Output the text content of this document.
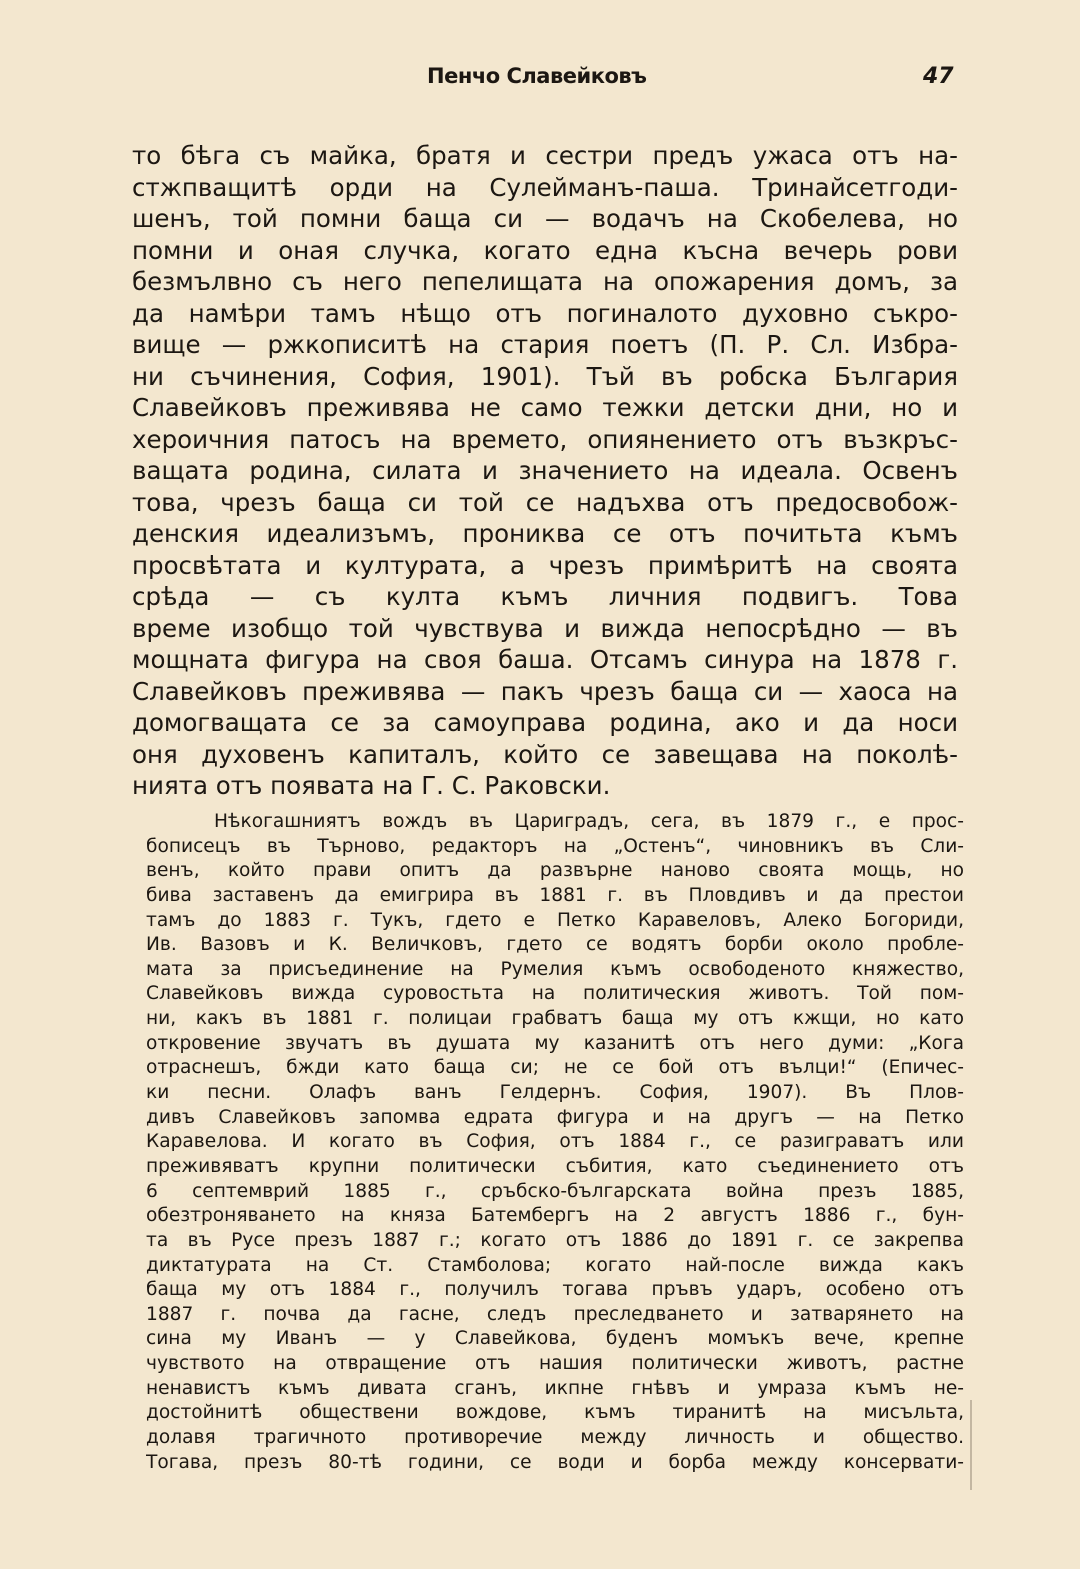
Пенчо Славейковъ	47
то бѣга съ майка, братя и сестри предъ ужаса отъ на-
стжпващитѣ орди на Сулейманъ-паша. Тринайсетгоди-
шенъ, той помни баща си — водачъ на Скобелева, но
помни и оная случка, когато една късна вечерь рови
безмълвно съ него пепелищата на опожарения домъ, за
да намѣри тамъ нѣщо отъ погиналото духовно съкро-
вище — ржкописитѣ на стария поетъ (П. Р. Сл. Избра-
ни съчинения, София, 1901). Тъй въ робска България
Славейковъ преживява не само тежки детски дни, но и
хероичния патосъ на времето, опиянението отъ възкръс-
ващата родина, силата и значението на идеала. Освенъ
това, чрезъ баща си той се надъхва отъ предосвобож-
денския идеализъмъ, прониква се отъ почитьта къмъ
просвѣтата и културата, а чрезъ примѣритѣ на своята
срѣда — съ култа къмъ личния подвигъ. Това
време изобщо той чувствува и вижда непосрѣдно — въ
мощната фигура на своя баша. Отсамъ синура на 1878 г.
Славейковъ преживява — пакъ чрезъ баща си — хаоса на
домогващата се за самоуправа родина, ако и да носи
оня духовенъ капиталъ, който се завещава на поколѣ-
нията отъ появата на Г. С. Раковски.
Нѣкогашниятъ вождъ въ Цариградъ, сега, въ 1879 г., е прос-
бописецъ въ Търново, редакторъ на „Остенъ“, чиновникъ въ Сли-
венъ, който прави опитъ да развърне наново своята мощь, но
бива заставенъ да емигрира въ 1881 г. въ Пловдивъ и да престои
тамъ до 1883 г. Тукъ, гдето е Петко Каравеловъ, Алеко Богориди,
Ив. Вазовъ и К. Величковъ, гдето се водятъ борби около пробле-
мата за присъединение на Румелия къмъ освободеното княжество,
Славейковъ вижда суровостьта на политическия животъ. Той пом-
ни, какъ въ 1881 г. полицаи грабватъ баща му отъ кжщи, но като
откровение звучатъ въ душата му казанитѣ отъ него думи: „Кога
отраснешъ, бжди като баща си; не се бой отъ вълци!“ (Епичес-
ки песни. Олафъ ванъ Гелдернъ. София, 1907). Въ Плов-
дивъ Славейковъ запомва едрата фигура и на другъ — на Петко
Каравелова. И когато въ София, отъ 1884 г., се разиграватъ или
преживяватъ крупни политически събития, като съединението отъ
6 септемврий 1885 г., сръбско-българската война презъ 1885,
обезтроняването на княза Батембергъ на 2 августъ 1886 г., бун-
та въ Русе презъ 1887 г.; когато отъ 1886 до 1891 г. се закрепва
диктатурата на Ст. Стамболова; когато най-после вижда какъ
баща му отъ 1884 г., получилъ тогава пръвъ ударъ, особено отъ
1887 г. почва да гасне, следъ преследването и затварянето на
сина му Иванъ — у Славейкова, буденъ момъкъ вече, крепне
чувството на отвращение отъ нашия политически животъ, растне
ненавистъ къмъ дивата сганъ, икпне гнѣвъ и умраза къмъ не-
достойнитѣ обществени вождове, къмъ тиранитѣ на мисъльта,
долавя трагичното противоречие между личность и общество.
Тогава, презъ 80-тѣ години, се води и борба между консервати-
